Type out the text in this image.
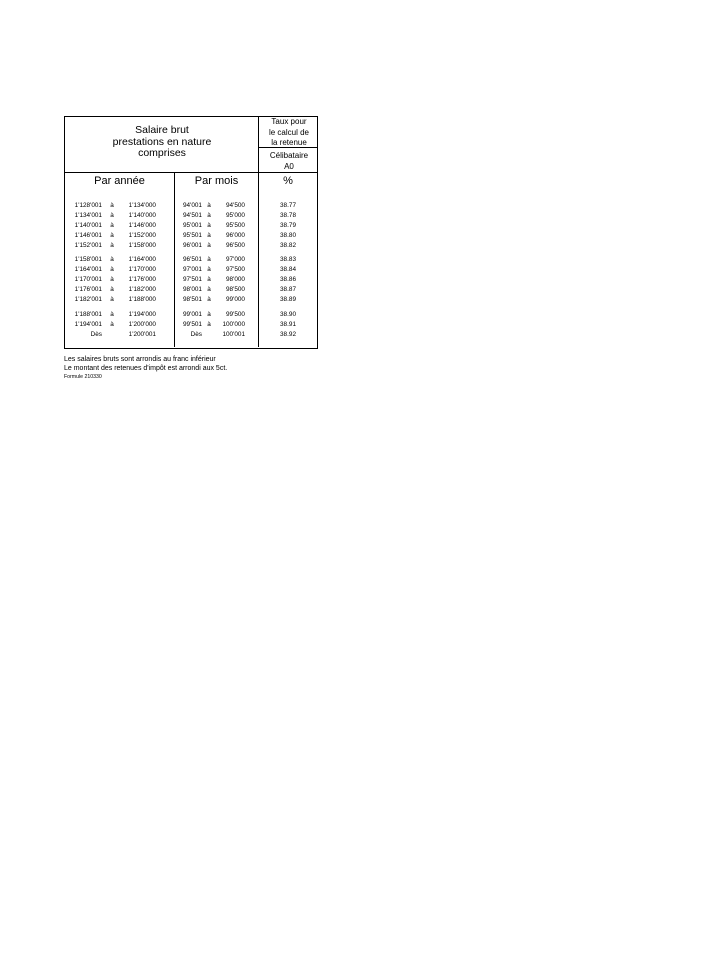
Salaire brut
prestations en nature
comprises
Taux pour
le calcul de
la retenue
Célibataire
A0
Par année	Par mois	%
1'128'001	à	1'134'000	94'001 à	94'500	38.77
1'134'001	à	1'140'000	94'501 à	95'000	38.78
1'140'001	à	1'146'000	95'001 à	95'500	38.79
1'146'001	à	1'152'000	95'501 à	96'000	38.80
1'152'001	à	1'158'000	96'001 à	96'500	38.82
1'158'001	à	1'164'000	96'501 à	97'000	38.83
1'164'001	à	1'170'000	97'001 à	97'500	38.84
1'170'001	à	1'176'000	97'501 à	98'000	38.86
1'176'001	à	1'182'000	98'001 à	98'500	38.87
1'182'001	à	1'188'000	98'501 à	99'000	38.89
1'188'001	à	1'194'000	99'001 à	99'500	38.90
1'194'001	à	1'200'000	99'501 à	100'000	38.91
Dès	1'200'001	Dès	100'001	38.92
Les salaires bruts sont arrondis au franc inférieur
Le montant des retenues d'impôt est arrondi aux 5ct.
Formule 210330
